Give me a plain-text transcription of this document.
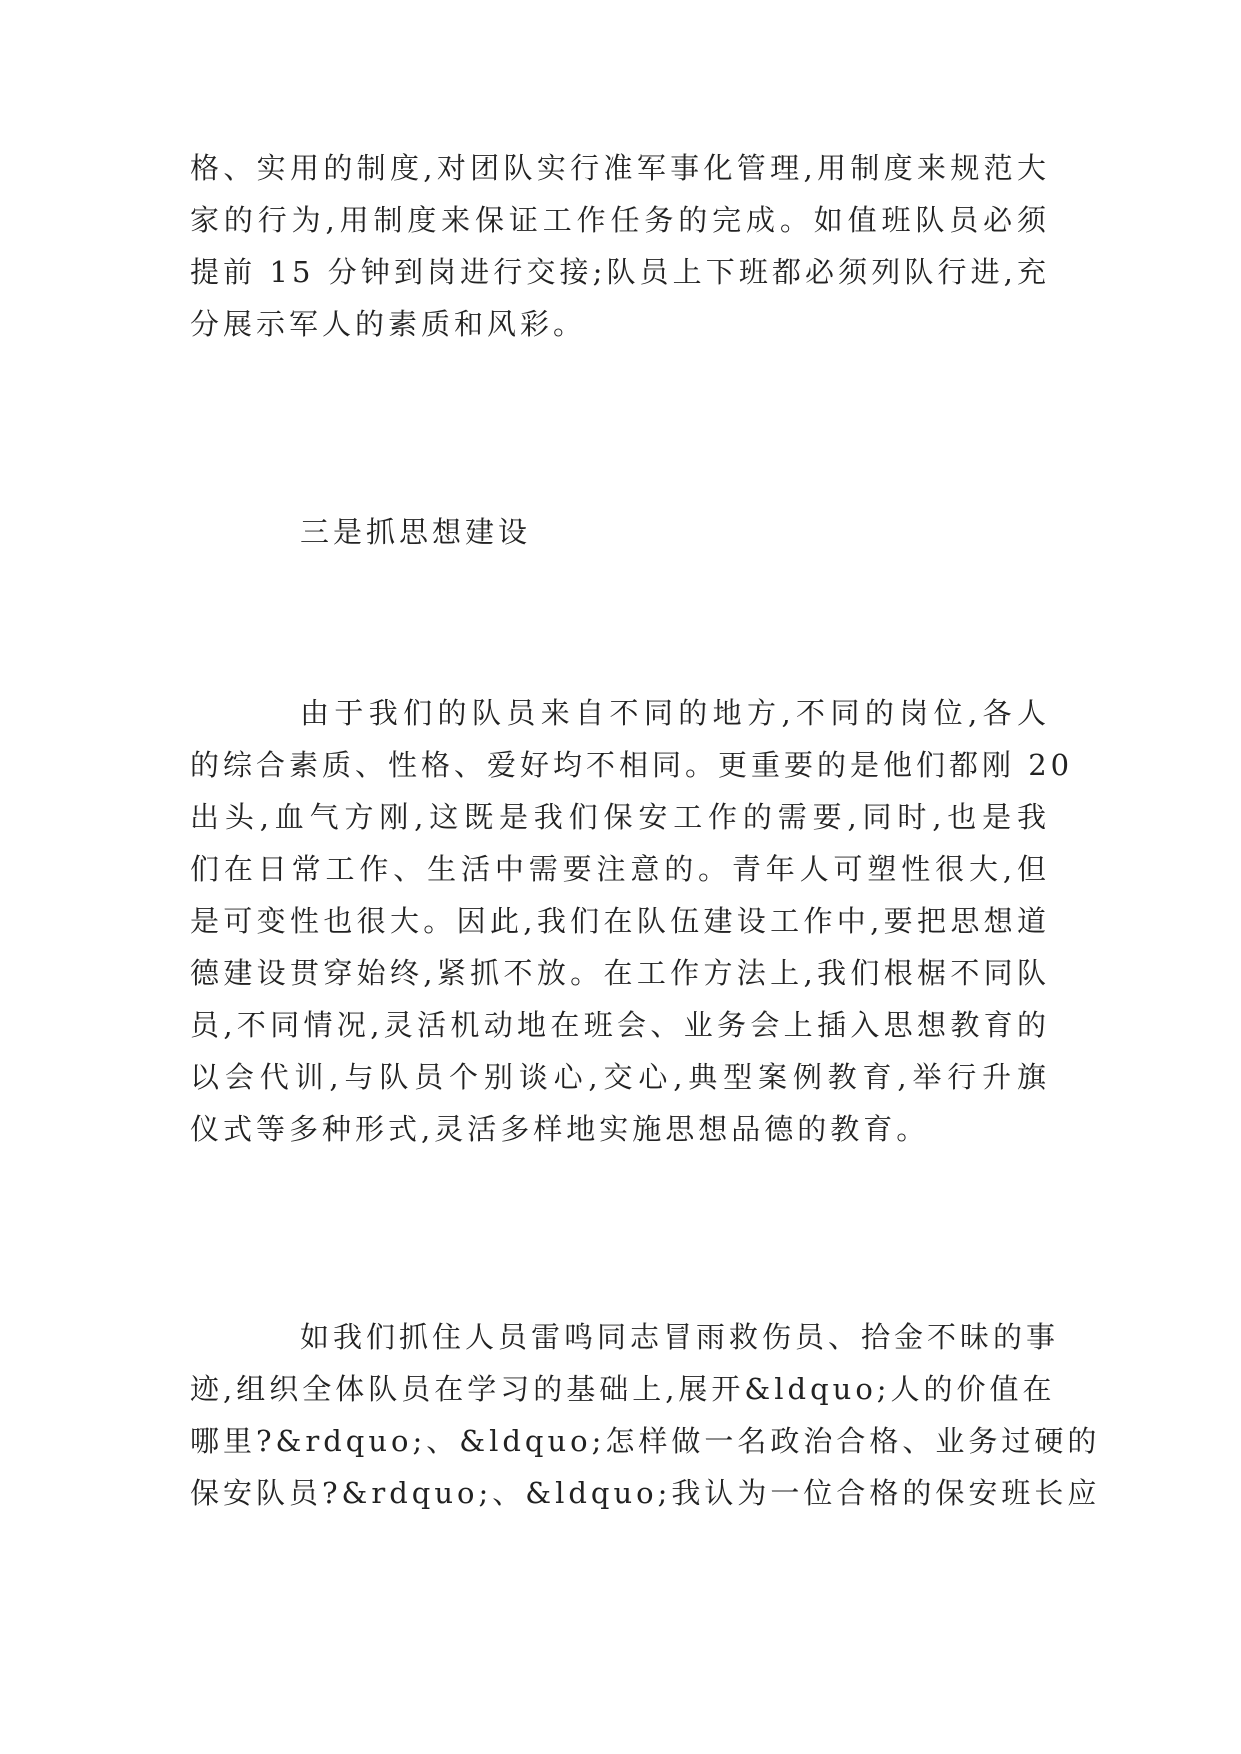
格、实用的制度,对团队实行准军事化管理,用制度来规范大
家的行为,用制度来保证工作任务的完成。如值班队员必须
提前 15 分钟到岗进行交接;队员上下班都必须列队行进,充
分展示军人的素质和风彩。
三是抓思想建设
由于我们的队员来自不同的地方,不同的岗位,各人
的综合素质、性格、爱好均不相同。更重要的是他们都刚 20
出头,血气方刚,这既是我们保安工作的需要,同时,也是我
们在日常工作、生活中需要注意的。青年人可塑性很大,但
是可变性也很大。因此,我们在队伍建设工作中,要把思想道
德建设贯穿始终,紧抓不放。在工作方法上,我们根椐不同队
员,不同情况,灵活机动地在班会、业务会上插入思想教育的
以会代训,与队员个别谈心,交心,典型案例教育,举行升旗
仪式等多种形式,灵活多样地实施思想品德的教育。
如我们抓住人员雷鸣同志冒雨救伤员、拾金不昧的事
迹,组织全体队员在学习的基础上,展开&ldquo;人的价值在
哪里?&rdquo;、&ldquo;怎样做一名政治合格、业务过硬的
保安队员?&rdquo;、&ldquo;我认为一位合格的保安班长应
